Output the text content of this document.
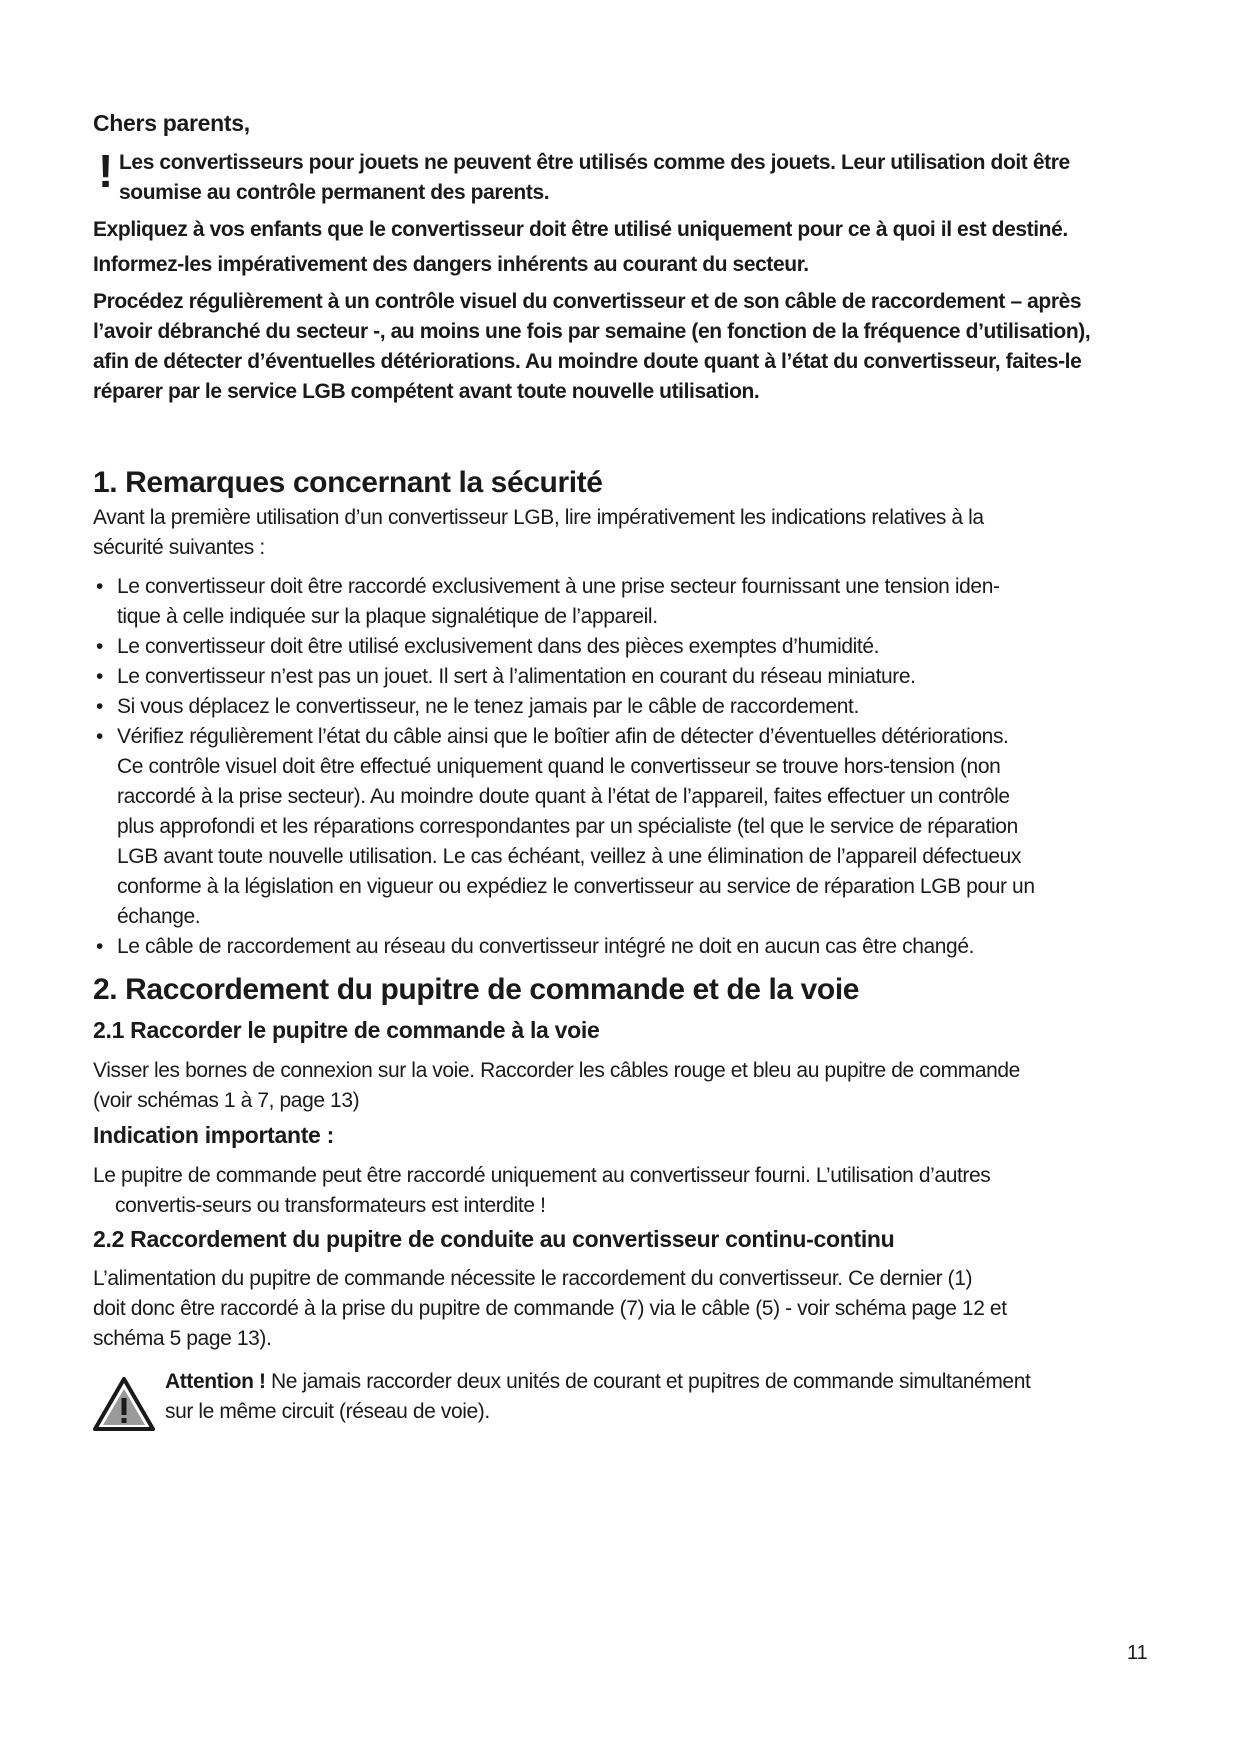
Chers parents,
! Les convertisseurs pour jouets ne peuvent être utilisés comme des jouets. Leur utilisation doit être
soumise au contrôle permanent des parents.
Expliquez à vos enfants que le convertisseur doit être utilisé uniquement pour ce à quoi il est destiné.
Informez-les impérativement des dangers inhérents au courant du secteur.
Procédez régulièrement à un contrôle visuel du convertisseur et de son câble de raccordement – après
l’avoir débranché du secteur -, au moins une fois par semaine (en fonction de la fréquence d’utilisation),
afin de détecter d’éventuelles détériorations. Au moindre doute quant à l’état du convertisseur, faites-le
réparer par le service LGB compétent avant toute nouvelle utilisation.
1. Remarques concernant la sécurité
Avant la première utilisation d’un convertisseur LGB, lire impérativement les indications relatives à la
sécurité suivantes :
• Le convertisseur doit être raccordé exclusivement à une prise secteur fournissant une tension iden-
tique à celle indiquée sur la plaque signalétique de l’appareil.
• Le convertisseur doit être utilisé exclusivement dans des pièces exemptes d’humidité.
• Le convertisseur n’est pas un jouet. Il sert à l’alimentation en courant du réseau miniature.
• Si vous déplacez le convertisseur, ne le tenez jamais par le câble de raccordement.
• Vérifiez régulièrement l’état du câble ainsi que le boîtier afin de détecter d’éventuelles détériorations.
Ce contrôle visuel doit être effectué uniquement quand le convertisseur se trouve hors-tension (non
raccordé à la prise secteur). Au moindre doute quant à l’état de l’appareil, faites effectuer un contrôle
plus approfondi et les réparations correspondantes par un spécialiste (tel que le service de réparation
LGB avant toute nouvelle utilisation. Le cas échéant, veillez à une élimination de l’appareil défectueux
conforme à la législation en vigueur ou expédiez le convertisseur au service de réparation LGB pour un
échange.
• Le câble de raccordement au réseau du convertisseur intégré ne doit en aucun cas être changé.
2. Raccordement du pupitre de commande et de la voie
2.1 Raccorder le pupitre de commande à la voie
Visser les bornes de connexion sur la voie. Raccorder les câbles rouge et bleu au pupitre de commande
(voir schémas 1 à 7, page 13)
Indication importante :
Le pupitre de commande peut être raccordé uniquement au convertisseur fourni. L’utilisation d’autres
convertis-seurs ou transformateurs est interdite !
2.2 Raccordement du pupitre de conduite au convertisseur continu-continu
L’alimentation du pupitre de commande nécessite le raccordement du convertisseur. Ce dernier (1)
doit donc être raccordé à la prise du pupitre de commande (7) via le câble (5) - voir schéma page 12 et
schéma 5 page 13).
Attention ! Ne jamais raccorder deux unités de courant et pupitres de commande simultanément
sur le même circuit (réseau de voie).
11
